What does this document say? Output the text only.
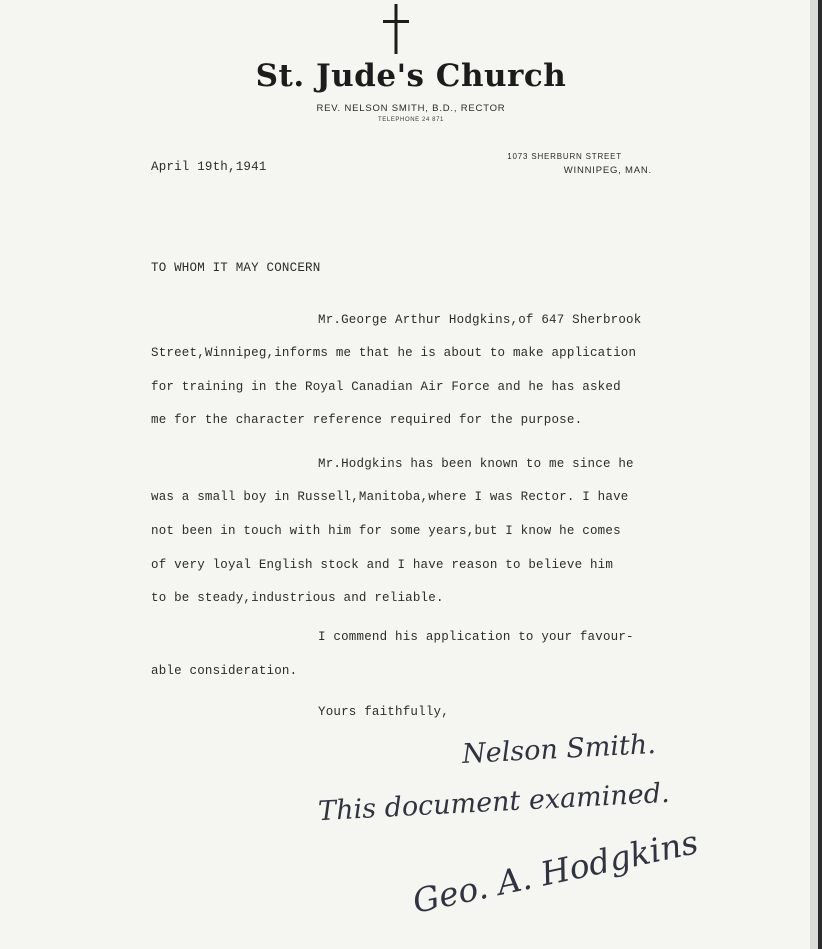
St. Jude's Church
REV. NELSON SMITH, B.D., RECTOR
TELEPHONE 24 871
1073 SHERBURN STREET
WINNIPEG, MAN.
April 19th,1941
TO WHOM IT MAY CONCERN
Mr.George Arthur Hodgkins,of 647 Sherbrook
Street,Winnipeg,informs me that he is about to make application
for training in the Royal Canadian Air Force and he has asked
me for the character reference required for the purpose.
Mr.Hodgkins has been known to me since he
was a small boy in Russell,Manitoba,where I was Rector. I have
not been in touch with him for some years,but I know he comes
of very loyal English stock and I have reason to believe him
to be steady,industrious and reliable.
I commend his application to your favour-
able consideration.
Yours faithfully,
Nelson Smith.
This document examined.
Geo. A. Hodgkins
